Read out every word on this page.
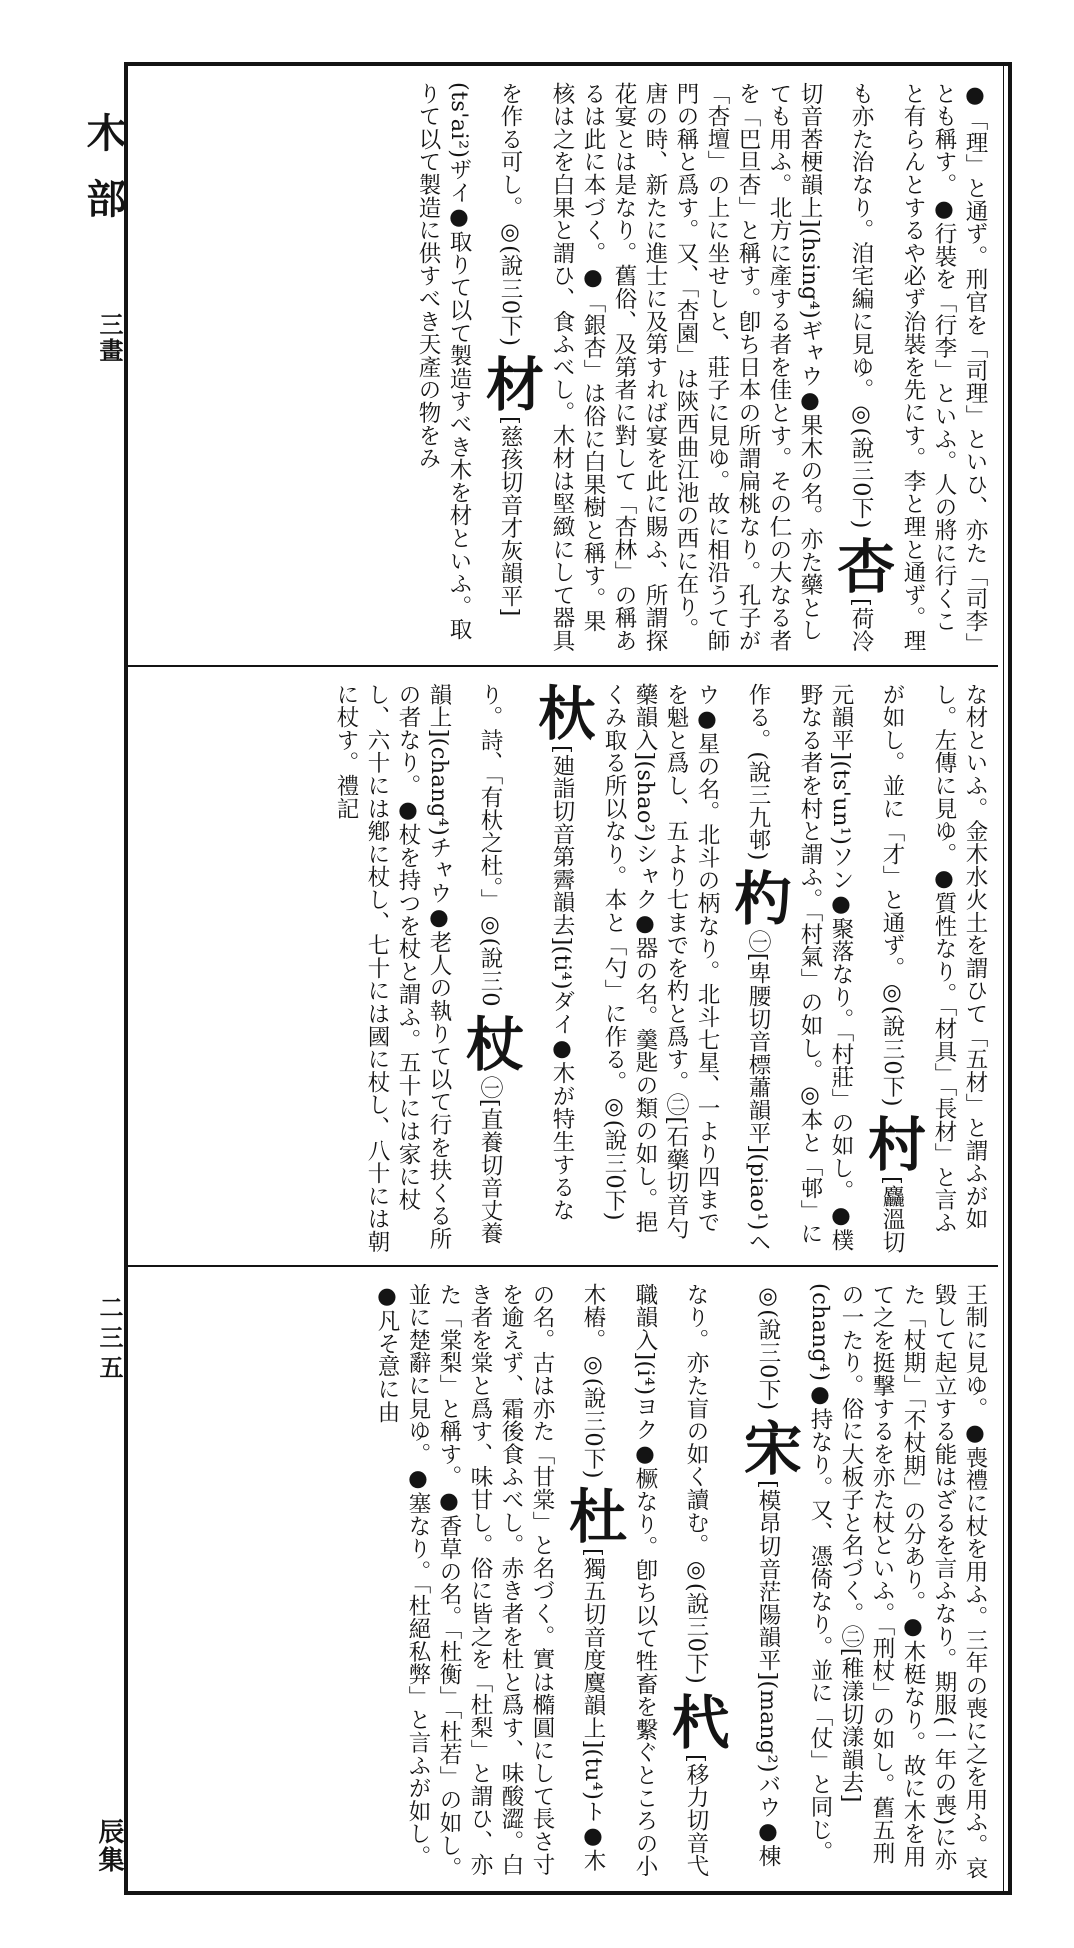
木部
三畫
二三五
辰集
●「理」と通ず。刑官を「司理」といひ、亦た「司李」とも稱す。●行裝を「行李」といふ。人の將に行くこと有らんとするや必ず治裝を先にす。李と理と通ず。理も亦た治なり。洎宅編に見ゆ。◎(說三0下) 杏[荷冷切音莕梗韻上](hsing⁴)ギャウ●果木の名。亦た藥としても用ふ。北方に產する者を佳とす。その仁の大なる者を「巴旦杏」と稱す。卽ち日本の所謂扁桃なり。孔子が「杏壇」の上に坐せしと、莊子に見ゆ。故に相沿うて師門の稱と爲す。又、「杏園」は陝西曲江池の西に在り。唐の時、新たに進士に及第すれば宴を此に賜ふ、所謂探花宴とは是なり。舊俗、及第者に對して「杏林」の稱あるは此に本づく。●「銀杏」は俗に白果樹と稱す。果核は之を白果と謂ひ、食ふべし。木材は堅緻にして器具を作る可し。◎(說三0下) 材[慈孩切音才灰韻平](ts'ai²)ザイ●取りて以て製造すべき木を材といふ。取りて以て製造に供すべき天產の物をみ
な材といふ。金木水火土を謂ひて「五材」と謂ふが如し。左傳に見ゆ。●質性なり。「材具」「長材」と言ふが如し。並に「才」と通ず。◎(說三0下) 村[麤溫切元韻平](ts'un¹)ソン●聚落なり。「村莊」の如し。●樸野なる者を村と謂ふ。「村氣」の如し。◎本と「邨」に作る。(說三九邨) 杓㊀[卑腰切音標蕭韻平](piao¹)ヘウ●星の名。北斗の柄なり。北斗七星、一より四までを魁と爲し、五より七までを杓と爲す。㊁[石藥切音勺藥韻入](shao²)シャク●器の名。羹匙の類の如し。挹くみ取る所以なり。本と「勺」に作る。◎(說三0下) 杕[廸詣切音第霽韻去](ti⁴)ダイ●木が特生するなり。詩、「有杕之杜。」◎(說三0 杖㊀[直養切音丈養韻上](chang⁴)チャウ●老人の執りて以て行を扶くる所の者なり。●杖を持つを杖と謂ふ。五十には家に杖し、六十には鄕に杖し、七十には國に杖し、八十には朝に杖す。禮記
王制に見ゆ。●喪禮に杖を用ふ。三年の喪に之を用ふ。哀毀して起立する能はざるを言ふなり。期服(一年の喪)に亦た「杖期」「不杖期」の分あり。●木梃なり。故に木を用て之を挺撃するを亦た杖といふ。「刑杖」の如し。舊五刑の一たり。俗に大板子と名づく。㊁[稚漾切漾韻去](chang⁴)●持なり。又、憑倚なり。並に「仗」と同じ。◎(說三0下) 宋[模昂切音茫陽韻平](mang²)バウ●棟なり。亦た盲の如く讀む。◎(說三0下) 杙[移力切音弋職韻入](i⁴)ヨク●橛なり。卽ち以て牲畜を繫ぐところの小木樁。◎(說三0下) 杜[獨五切音度麌韻上](tu⁴)ト●木の名。古は亦た「甘棠」と名づく。實は橢圓にして長さ寸を逾えず、霜後食ふべし。赤き者を杜と爲す、味酸澀。白き者を棠と爲す、味甘し。俗に皆之を「杜梨」と謂ひ、亦た「棠梨」と稱す。●香草の名。「杜衡」「杜若」の如し。並に楚辭に見ゆ。●塞なり。「杜絕私弊」と言ふが如し。●凡そ意に由
